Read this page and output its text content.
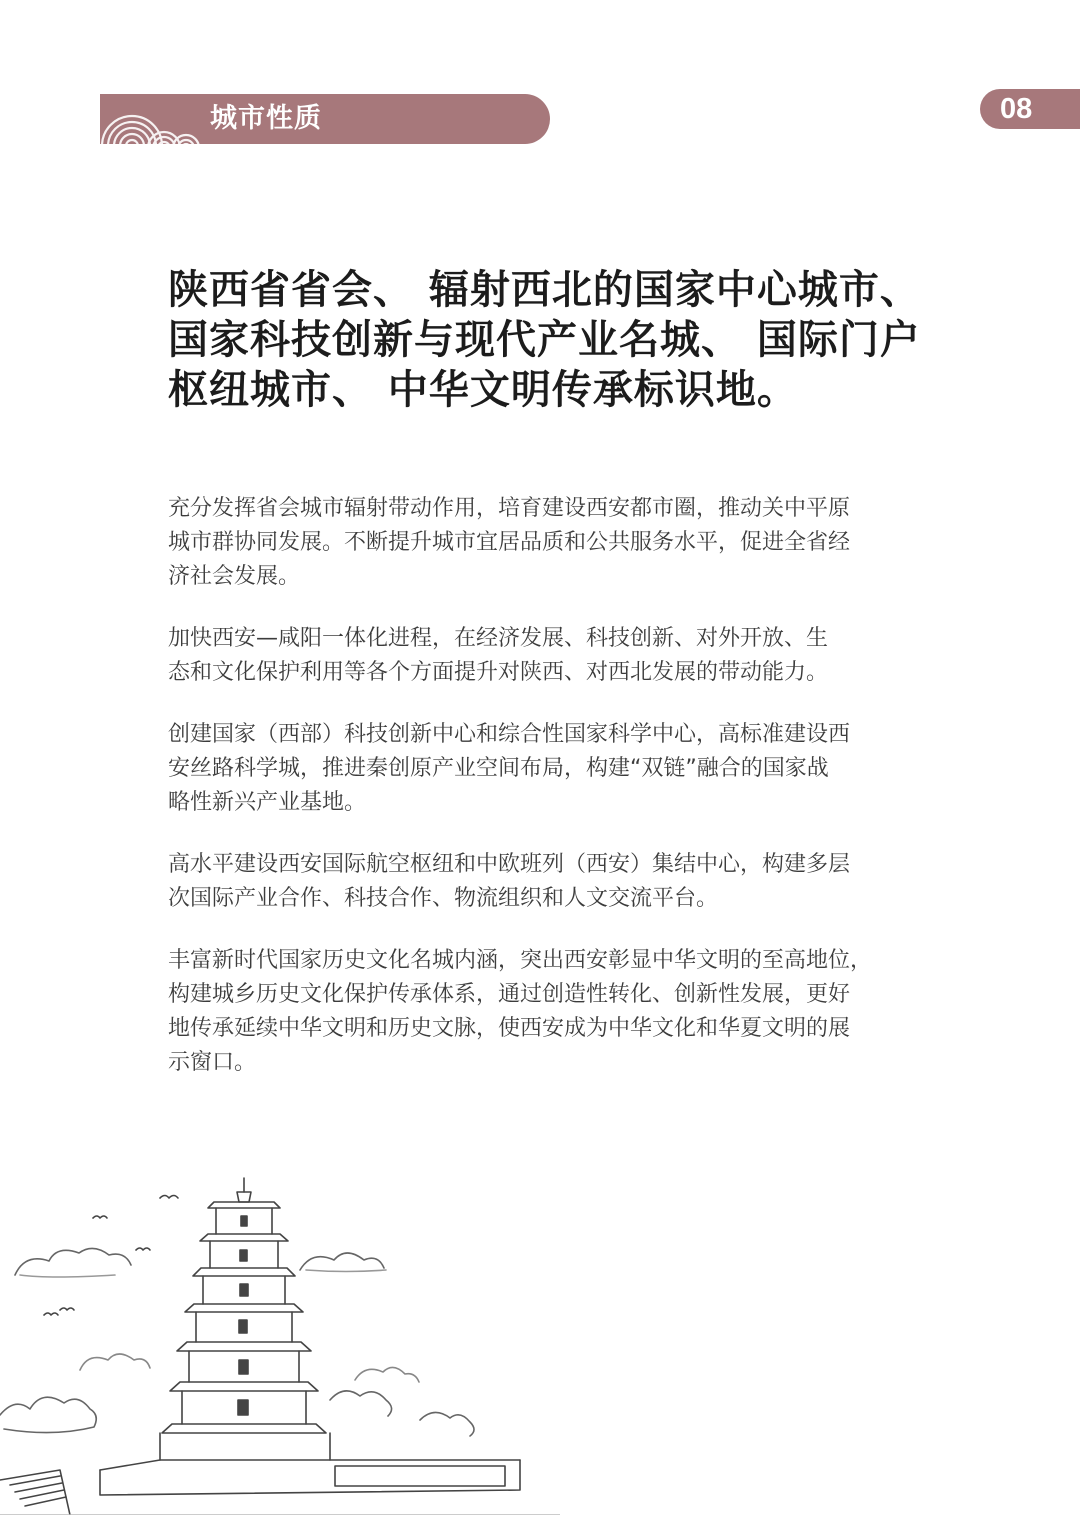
城市性质	08
陕西省省会、 辐射西北的国家中心城市、
国家科技创新与现代产业名城、 国际门户
枢纽城市、 中华文明传承标识地。

充分发挥省会城市辐射带动作用，培育建设西安都市圈，推动关中平原
城市群协同发展。不断提升城市宜居品质和公共服务水平，促进全省经
济社会发展。

加快西安—咸阳一体化进程，在经济发展、科技创新、对外开放、生
态和文化保护利用等各个方面提升对陕西、对西北发展的带动能力。

创建国家（西部）科技创新中心和综合性国家科学中心，高标准建设西
安丝路科学城，推进秦创原产业空间布局，构建“双链”融合的国家战
略性新兴产业基地。

高水平建设西安国际航空枢纽和中欧班列（西安）集结中心，构建多层
次国际产业合作、科技合作、物流组织和人文交流平台。

丰富新时代国家历史文化名城内涵，突出西安彰显中华文明的至高地位，
构建城乡历史文化保护传承体系，通过创造性转化、创新性发展，更好
地传承延续中华文明和历史文脉，使西安成为中华文化和华夏文明的展
示窗口。
